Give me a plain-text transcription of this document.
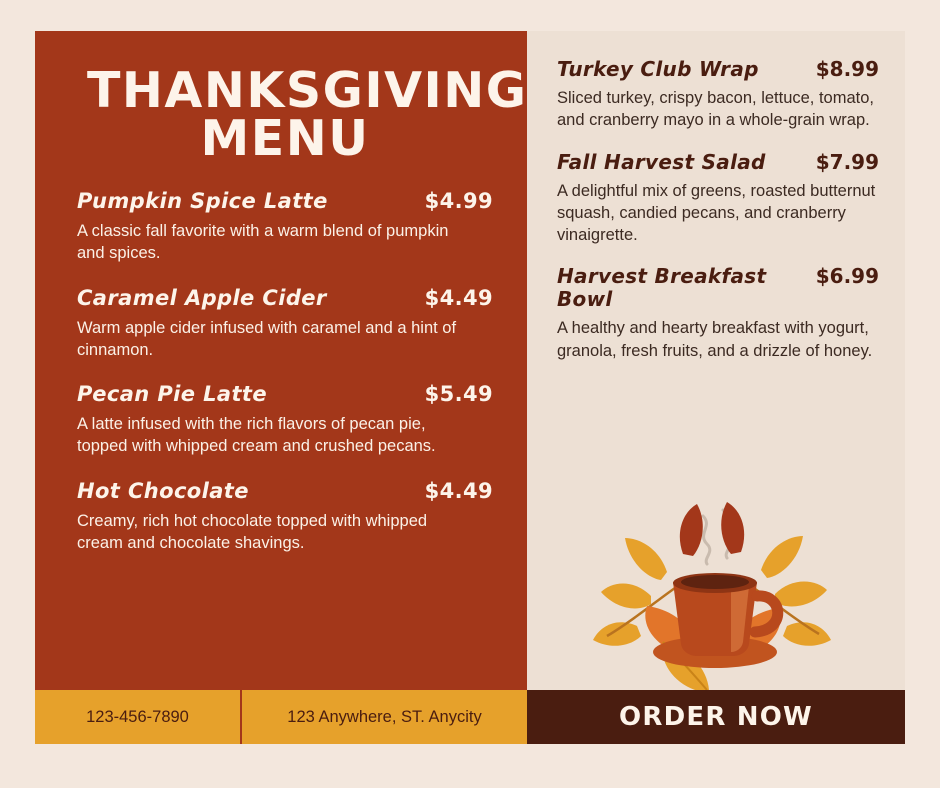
THANKSGIVING
MENU
Pumpkin Spice Latte	$4.99
A classic fall favorite with a warm blend of pumpkin and spices.
Caramel Apple Cider	$4.49
Warm apple cider infused with caramel and a hint of cinnamon.
Pecan Pie Latte	$5.49
A latte infused with the rich flavors of pecan pie, topped with whipped cream and crushed pecans.
Hot Chocolate	$4.49
Creamy, rich hot chocolate topped with whipped cream and chocolate shavings.
Turkey Club Wrap	$8.99
Sliced turkey, crispy bacon, lettuce, tomato, and cranberry mayo in a whole-grain wrap.
Fall Harvest Salad	$7.99
A delightful mix of greens, roasted butternut squash, candied pecans, and cranberry vinaigrette.
Harvest Breakfast Bowl
$6.99
A healthy and hearty breakfast with yogurt, granola, fresh fruits, and a drizzle of honey.
123-456-7890	123 Anywhere, ST. Anycity	ORDER NOW
